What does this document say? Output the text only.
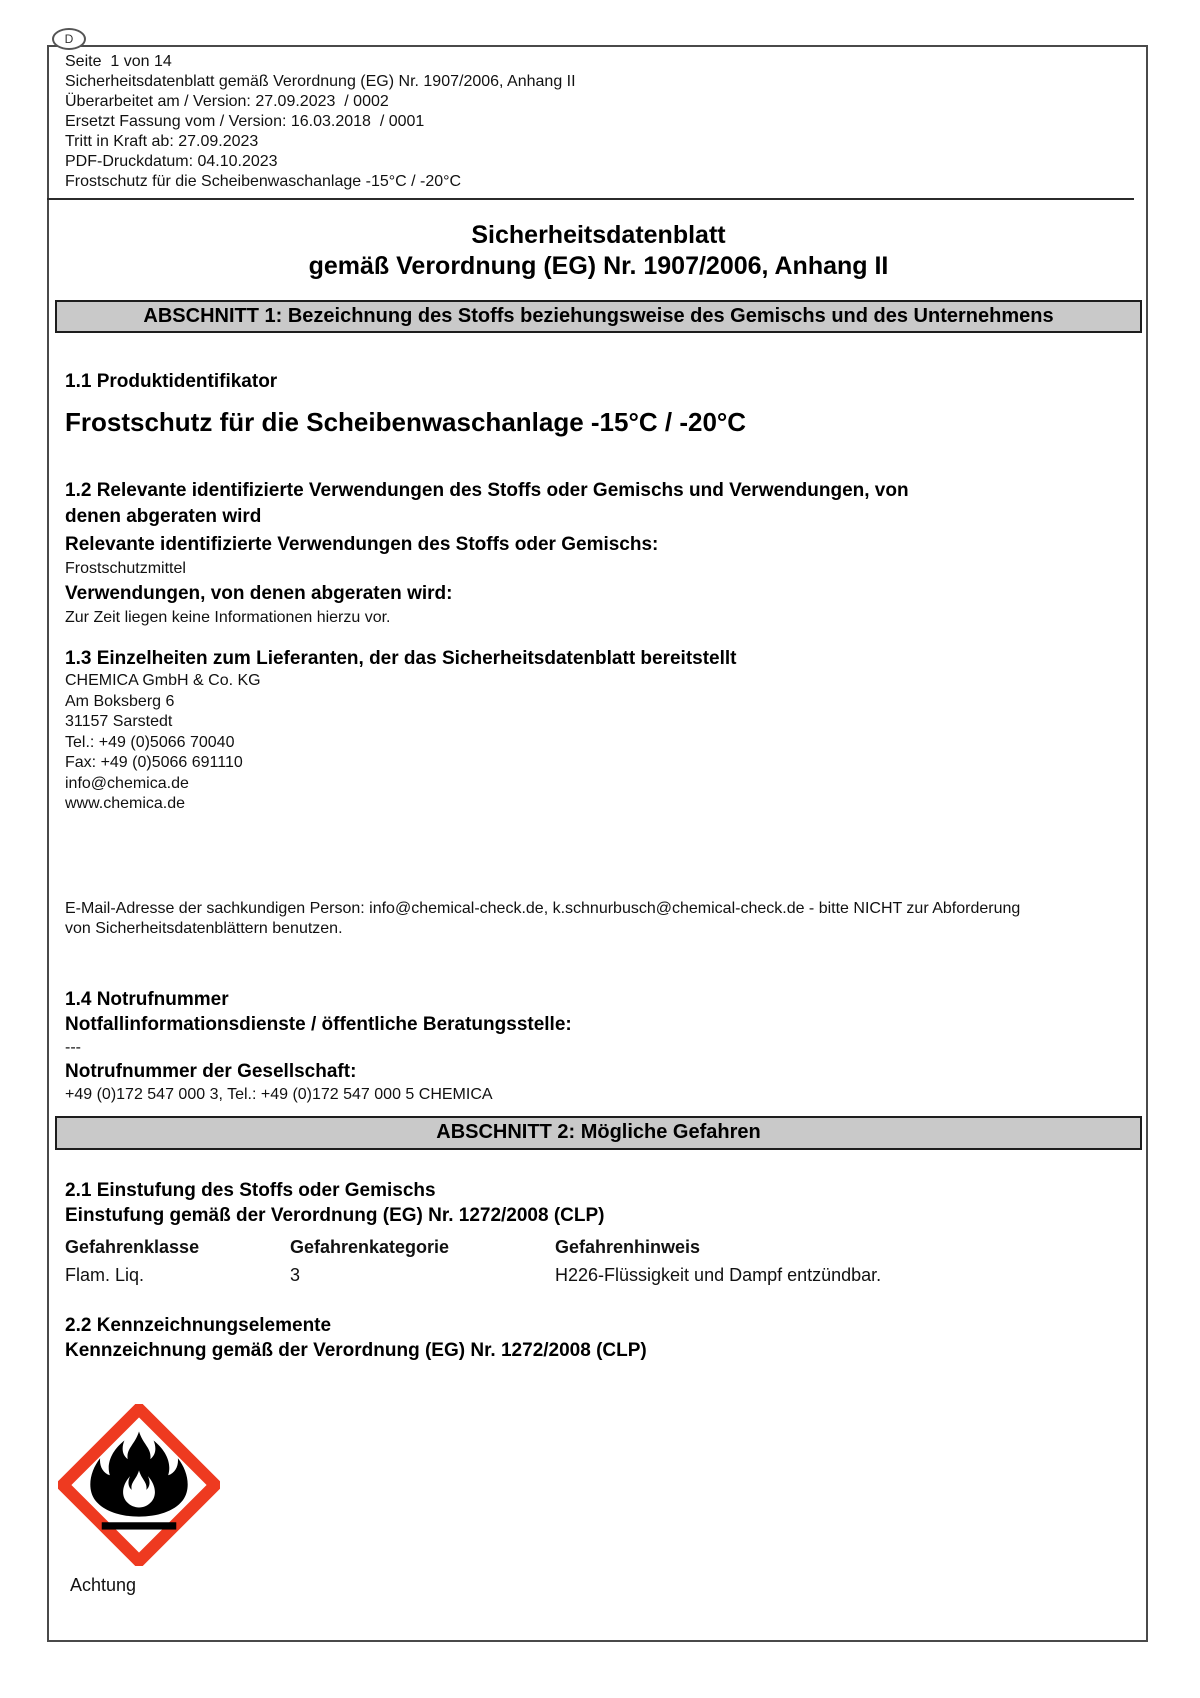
D
Seite  1 von 14
Sicherheitsdatenblatt gemäß Verordnung (EG) Nr. 1907/2006, Anhang II
Überarbeitet am / Version: 27.09.2023  / 0002
Ersetzt Fassung vom / Version: 16.03.2018  / 0001
Tritt in Kraft ab: 27.09.2023
PDF-Druckdatum: 04.10.2023
Frostschutz für die Scheibenwaschanlage -15°C / -20°C
Sicherheitsdatenblatt
gemäß Verordnung (EG) Nr. 1907/2006, Anhang II
ABSCHNITT 1: Bezeichnung des Stoffs beziehungsweise des Gemischs und des Unternehmens
1.1 Produktidentifikator
Frostschutz für die Scheibenwaschanlage -15°C / -20°C
1.2 Relevante identifizierte Verwendungen des Stoffs oder Gemischs und Verwendungen, von denen abgeraten wird
Relevante identifizierte Verwendungen des Stoffs oder Gemischs:
Frostschutzmittel
Verwendungen, von denen abgeraten wird:
Zur Zeit liegen keine Informationen hierzu vor.
1.3 Einzelheiten zum Lieferanten, der das Sicherheitsdatenblatt bereitstellt
CHEMICA GmbH & Co. KG
Am Boksberg 6
31157 Sarstedt
Tel.: +49 (0)5066 70040
Fax: +49 (0)5066 691110
info@chemica.de
www.chemica.de
E-Mail-Adresse der sachkundigen Person: info@chemical-check.de, k.schnurbusch@chemical-check.de - bitte NICHT zur Abforderung von Sicherheitsdatenblättern benutzen.
1.4 Notrufnummer
Notfallinformationsdienste / öffentliche Beratungsstelle:
---
Notrufnummer der Gesellschaft:
+49 (0)172 547 000 3, Tel.: +49 (0)172 547 000 5 CHEMICA
ABSCHNITT 2: Mögliche Gefahren
2.1 Einstufung des Stoffs oder Gemischs
Einstufung gemäß der Verordnung (EG) Nr. 1272/2008 (CLP)
Gefahrenklasse	Gefahrenkategorie	Gefahrenhinweis
Flam. Liq.	3	H226-Flüssigkeit und Dampf entzündbar.
2.2 Kennzeichnungselemente
Kennzeichnung gemäß der Verordnung (EG) Nr. 1272/2008 (CLP)
Achtung
